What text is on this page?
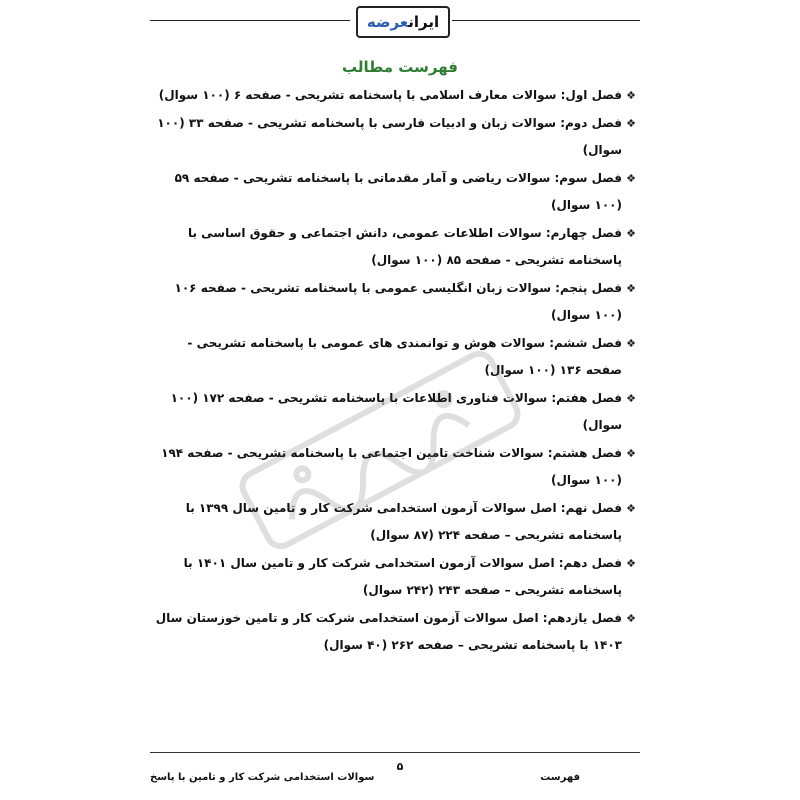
ایرانعرضه
فهرست مطالب
❖
فصل اول: سوالات معارف اسلامی با پاسخنامه تشریحی - صفحه ۶ (۱۰۰ سوال)
❖
فصل دوم: سوالات زبان و ادبیات فارسی با پاسخنامه تشریحی - صفحه ۳۳ (۱۰۰ سوال)
❖
فصل سوم: سوالات ریاضی و آمار مقدماتی با پاسخنامه تشریحی - صفحه ۵۹ (۱۰۰ سوال)
❖
فصل چهارم: سوالات اطلاعات عمومی، دانش اجتماعی و حقوق اساسی با پاسخنامه تشریحی - صفحه ۸۵ (۱۰۰ سوال)
❖
فصل پنجم: سوالات زبان انگلیسی عمومی با پاسخنامه تشریحی - صفحه ۱۰۶ (۱۰۰ سوال)
❖
فصل ششم: سوالات هوش و توانمندی های عمومی با پاسخنامه تشریحی - صفحه ۱۳۶ (۱۰۰ سوال)
❖
فصل هفتم: سوالات فناوری اطلاعات با پاسخنامه تشریحی - صفحه ۱۷۲ (۱۰۰ سوال)
❖
فصل هشتم: سوالات شناخت تامین اجتماعی با پاسخنامه تشریحی - صفحه ۱۹۴ (۱۰۰ سوال)
❖
فصل نهم: اصل سوالات آزمون استخدامی شرکت کار و تامین سال ۱۳۹۹ با پاسخنامه تشریحی – صفحه ۲۲۴ (۸۷ سوال)
❖
فصل دهم: اصل سوالات آزمون استخدامی شرکت کار و تامین سال ۱۴۰۱ با پاسخنامه تشریحی – صفحه ۲۴۳ (۲۴۲ سوال)
❖
فصل یازدهم: اصل سوالات آزمون استخدامی شرکت کار و تامین خوزستان سال ۱۴۰۳ با پاسخنامه تشریحی – صفحه ۲۶۲ (۴۰ سوال)
۵
فهرست
سوالات استخدامی شرکت کار و تامین با پاسخ
